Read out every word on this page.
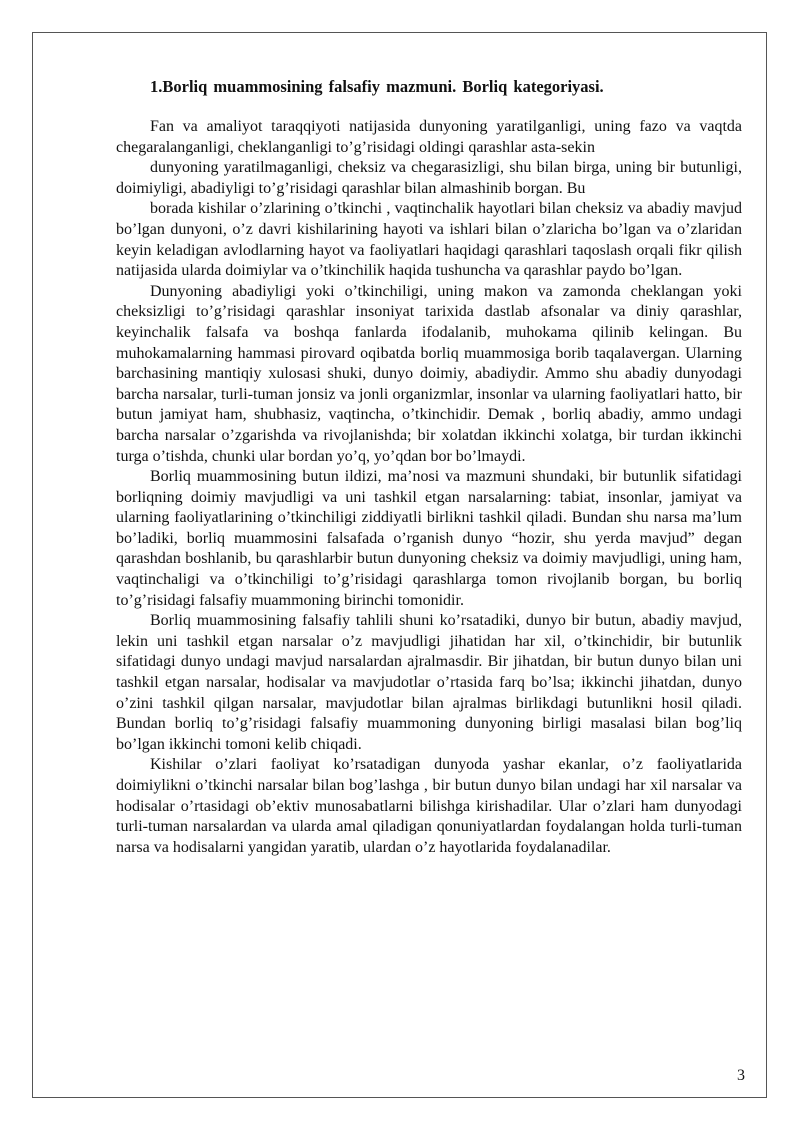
1.Borliq muammosining falsafiy mazmuni. Borliq kategoriyasi.

Fan va amaliyot taraqqiyoti natijasida dunyoning yaratilganligi, uning fazo va vaqtda chegaralanganligi, cheklanganligi to’g’risidagi oldingi qarashlar asta-sekin

dunyoning yaratilmaganligi, cheksiz va chegarasizligi, shu bilan birga, uning bir butunligi, doimiyligi, abadiyligi to’g’risidagi qarashlar bilan almashinib borgan. Bu

borada kishilar o’zlarining o’tkinchi , vaqtinchalik hayotlari bilan cheksiz va abadiy mavjud bo’lgan dunyoni, o’z davri kishilarining hayoti va ishlari bilan o’zlaricha bo’lgan va o’zlaridan keyin keladigan avlodlarning hayot va faoliyatlari haqidagi qarashlari taqoslash orqali fikr qilish natijasida ularda doimiylar va o’tkinchilik haqida tushuncha va qarashlar paydo bo’lgan.

Dunyoning abadiyligi yoki o’tkinchiligi, uning makon va zamonda cheklangan yoki cheksizligi to’g’risidagi qarashlar insoniyat tarixida dastlab afsonalar va diniy qarashlar, keyinchalik falsafa va boshqa fanlarda ifodalanib, muhokama qilinib kelingan. Bu muhokamalarning hammasi pirovard oqibatda borliq muammosiga borib taqalavergan. Ularning barchasining mantiqiy xulosasi shuki, dunyo doimiy, abadiydir. Ammo shu abadiy dunyodagi barcha narsalar, turli-tuman jonsiz va jonli organizmlar, insonlar va ularning faoliyatlari hatto, bir butun jamiyat ham, shubhasiz, vaqtincha, o’tkinchidir. Demak , borliq abadiy, ammo undagi barcha narsalar o’zgarishda va rivojlanishda; bir xolatdan ikkinchi xolatga, bir turdan ikkinchi turga o’tishda, chunki ular bordan yo’q, yo’qdan bor bo’lmaydi.

Borliq muammosining butun ildizi, ma’nosi va mazmuni shundaki, bir butunlik sifatidagi borliqning doimiy mavjudligi va uni tashkil etgan narsalarning: tabiat, insonlar, jamiyat va ularning faoliyatlarining o’tkinchiligi ziddiyatli birlikni tashkil qiladi. Bundan shu narsa ma’lum bo’ladiki, borliq muammosini falsafada o’rganish dunyo “hozir, shu yerda mavjud” degan qarashdan boshlanib, bu qarashlarbir butun dunyoning cheksiz va doimiy mavjudligi, uning ham, vaqtinchaligi va o’tkinchiligi to’g’risidagi qarashlarga tomon rivojlanib borgan, bu borliq to’g’risidagi falsafiy muammoning birinchi tomonidir.

Borliq muammosining falsafiy tahlili shuni ko’rsatadiki, dunyo bir butun, abadiy mavjud, lekin uni tashkil etgan narsalar o’z mavjudligi jihatidan har xil, o’tkinchidir, bir butunlik sifatidagi dunyo undagi mavjud narsalardan ajralmasdir. Bir jihatdan, bir butun dunyo bilan uni tashkil etgan narsalar, hodisalar va mavjudotlar o’rtasida farq bo’lsa; ikkinchi jihatdan, dunyo o’zini tashkil qilgan narsalar, mavjudotlar bilan ajralmas birlikdagi butunlikni hosil qiladi. Bundan borliq to’g’risidagi falsafiy muammoning dunyoning birligi masalasi bilan bog’liq bo’lgan ikkinchi tomoni kelib chiqadi.

Kishilar o’zlari faoliyat ko’rsatadigan dunyoda yashar ekanlar, o’z faoliyatlarida doimiylikni o’tkinchi narsalar bilan bog’lashga , bir butun dunyo bilan undagi har xil narsalar va hodisalar o’rtasidagi ob’ektiv munosabatlarni bilishga kirishadilar. Ular o’zlari ham dunyodagi turli-tuman narsalardan va ularda amal qiladigan qonuniyatlardan foydalangan holda turli-tuman narsa va hodisalarni yangidan yaratib, ulardan o’z hayotlarida foydalanadilar.

3
